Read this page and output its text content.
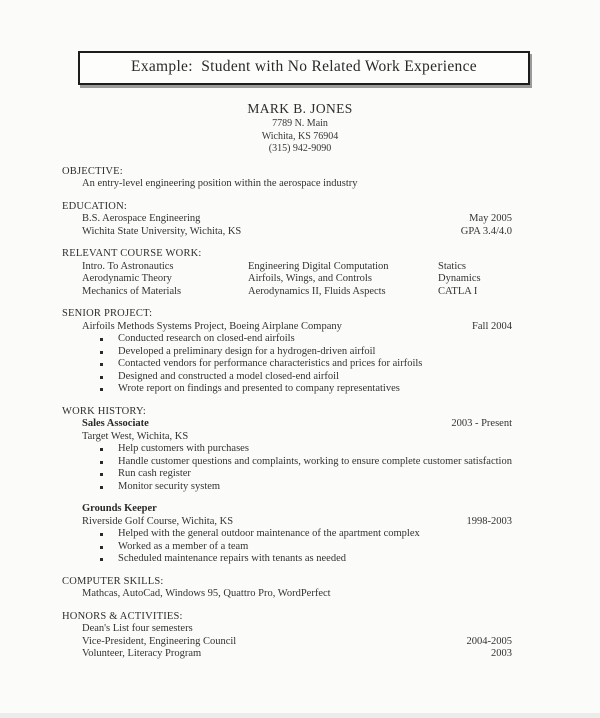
Example:  Student with No Related Work Experience
MARK B. JONES
7789 N. Main
Wichita, KS 76904
(315) 942-9090
OBJECTIVE:
An entry-level engineering position within the aerospace industry
EDUCATION:
B.S. Aerospace Engineering	May 2005
Wichita State University, Wichita, KS	GPA 3.4/4.0
RELEVANT COURSE WORK:
Intro. To Astronautics	Engineering Digital Computation	Statics
Aerodynamic Theory	Airfoils, Wings, and Controls	Dynamics
Mechanics of Materials	Aerodynamics II, Fluids Aspects	CATLA I
SENIOR PROJECT:
Airfoils Methods Systems Project, Boeing Airplane Company	Fall 2004
Conducted research on closed-end airfoils
Developed a preliminary design for a hydrogen-driven airfoil
Contacted vendors for performance characteristics and prices for airfoils
Designed and constructed a model closed-end airfoil
Wrote report on findings and presented to company representatives
WORK HISTORY:
Sales Associate	2003 - Present
Target West, Wichita, KS
Help customers with purchases
Handle customer questions and complaints, working to ensure complete customer satisfaction
Run cash register
Monitor security system
Grounds Keeper
Riverside Golf Course, Wichita, KS	1998-2003
Helped with the general outdoor maintenance of the apartment complex
Worked as a member of a team
Scheduled maintenance repairs with tenants as needed
COMPUTER SKILLS:
Mathcas, AutoCad, Windows 95, Quattro Pro, WordPerfect
HONORS & ACTIVITIES:
Dean's List four semesters
Vice-President, Engineering Council	2004-2005
Volunteer, Literacy Program	2003
